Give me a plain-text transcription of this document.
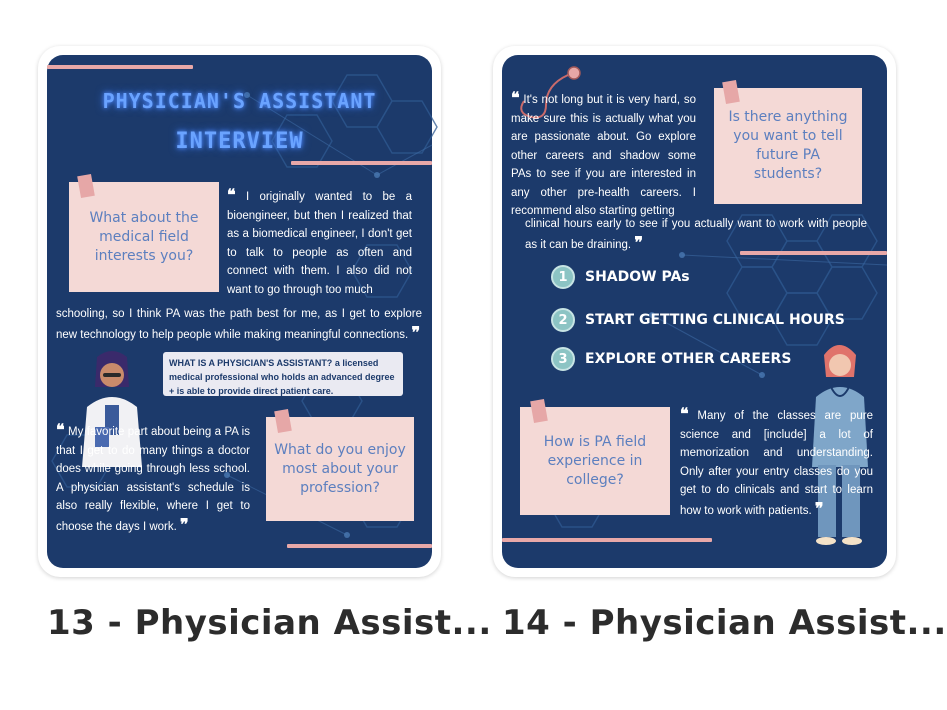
PHYSICIAN'S ASSISTANT
INTERVIEW
What about the medical field interests you?
❝ I originally wanted to be a bioengineer, but then I realized that as a biomedical engineer, I don't get to talk to people as often and connect with them. I also did not want to go through too much
schooling, so I think PA was the path best for me, as I get to explore new technology to help people while making meaningful connections. ❞
WHAT IS A PHYSICIAN'S ASSISTANT? a licensed medical professional who holds an advanced degree + is able to provide direct patient care.
❝ My favorite part about being a PA is that I get to do many things a doctor does while going through less school. A physician assistant's schedule is also really flexible, where I get to choose the days I work. ❞
What do you enjoy most about your profession?
13 - Physician Assist...
❝ It's not long but it is very hard, so make sure this is actually what you are passionate about. Go explore other careers and shadow some PAs to see if you are interested in any other pre-health careers. I recommend also starting getting
clinical hours early to see if you actually want to work with people as it can be draining. ❞
Is there anything you want to tell future PA students?
1	SHADOW PAs
2	START GETTING CLINICAL HOURS
3	EXPLORE OTHER CAREERS
How is PA field experience in college?
❝ Many of the classes are pure science and [include] a lot of memorization and understanding. Only after your entry classes do you get to do clinicals and start to learn how to work with patients. ❞
14 - Physician Assist...
